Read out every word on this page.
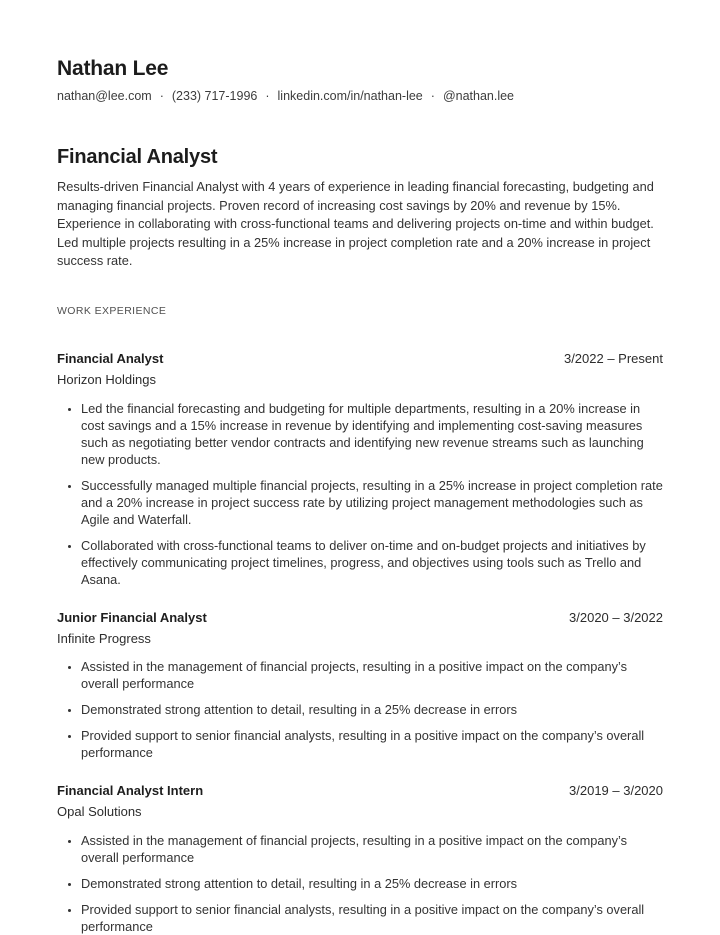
Nathan Lee
nathan@lee.com · (233) 717-1996 · linkedin.com/in/nathan-lee · @nathan.lee
Financial Analyst

Results-driven Financial Analyst with 4 years of experience in leading financial forecasting, budgeting and managing financial projects. Proven record of increasing cost savings by 20% and revenue by 15%. Experience in collaborating with cross-functional teams and delivering projects on-time and within budget. Led multiple projects resulting in a 25% increase in project completion rate and a 20% increase in project success rate.

WORK EXPERIENCE
Financial Analyst	3/2022 – Present
Horizon Holdings
• Led the financial forecasting and budgeting for multiple departments, resulting in a 20% increase in cost savings and a 15% increase in revenue by identifying and implementing cost-saving measures such as negotiating better vendor contracts and identifying new revenue streams such as launching new products.
• Successfully managed multiple financial projects, resulting in a 25% increase in project completion rate and a 20% increase in project success rate by utilizing project management methodologies such as Agile and Waterfall.
• Collaborated with cross-functional teams to deliver on-time and on-budget projects and initiatives by effectively communicating project timelines, progress, and objectives using tools such as Trello and Asana.
Junior Financial Analyst	3/2020 – 3/2022
Infinite Progress
• Assisted in the management of financial projects, resulting in a positive impact on the company’s overall performance
• Demonstrated strong attention to detail, resulting in a 25% decrease in errors
• Provided support to senior financial analysts, resulting in a positive impact on the company’s overall performance
Financial Analyst Intern	3/2019 – 3/2020
Opal Solutions
• Assisted in the management of financial projects, resulting in a positive impact on the company’s overall performance
• Demonstrated strong attention to detail, resulting in a 25% decrease in errors
• Provided support to senior financial analysts, resulting in a positive impact on the company’s overall performance
